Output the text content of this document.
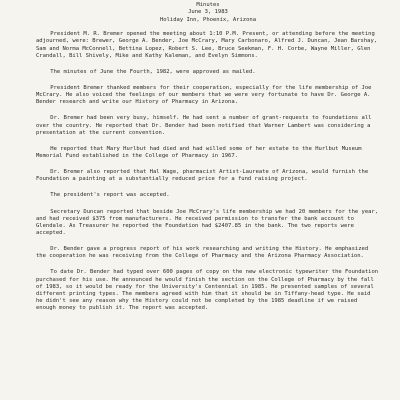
Minutes
June 3, 1983
Holiday Inn, Phoenix, Arizona

President M. R. Bremer opened the meeting about 1:10 P.M. Present, or attending before the meeting adjourned, were: Brewer, George A. Bender, Joe McCrary, Mary Carbonaro, Alfred J. Duncan, Jean Barshay, Sam and Norma McConnell, Bettina Lopez, Robert S. Lee, Bruce Seekman, F. H. Corbe, Wayne Miller, Glen Crandall, Bill Shively, Mike and Kathy Kaleman, and Evelyn Simmons.

The minutes of June the Fourth, 1982, were approved as mailed.

President Bremer thanked members for their cooperation, especially for the life membership of Joe McCrary. He also voiced the feelings of our members that we were very fortunate to have Dr. George A. Bender research and write our History of Pharmacy in Arizona.

Dr. Bremer had been very busy, himself. He had sent a number of grant-requests to foundations all over the country. He reported that Dr. Bender had been notified that Warner Lambert was considering a presentation at the current convention.

He reported that Mary Hurlbut had died and had willed some of her estate to the Hurlbut Museum Memorial Fund established in the College of Pharmacy in 1967.

Dr. Bremer also reported that Hal Wage, pharmacist Artist-Laureate of Arizona, would furnish the Foundation a painting at a substantially reduced price for a fund raising project.

The president's report was accepted.

Secretary Duncan reported that beside Joe McCrary's life membership we had 20 members for the year, and had received $375 from manufacturers. He received permission to transfer the bank account to Glendale. As Treasurer he reported the Foundation had $2407.85 in the bank. The two reports were accepted.

Dr. Bender gave a progress report of his work researching and writing the History. He emphasized the cooperation he was receiving from the College of Pharmacy and the Arizona Pharmacy Association.

To date Dr. Bender had typed over 600 pages of copy on the new electronic typewriter the Foundation purchased for his use. He announced he would finish the section on the College of Pharmacy by the fall of 1983, so it would be ready for the University's Centennial in 1985. He presented samples of several different printing types. The members agreed with him that it should be in Tiffany-head type. He said he didn't see any reason why the History could not be completed by the 1985 deadline if we raised enough money to publish it. The report was accepted.
